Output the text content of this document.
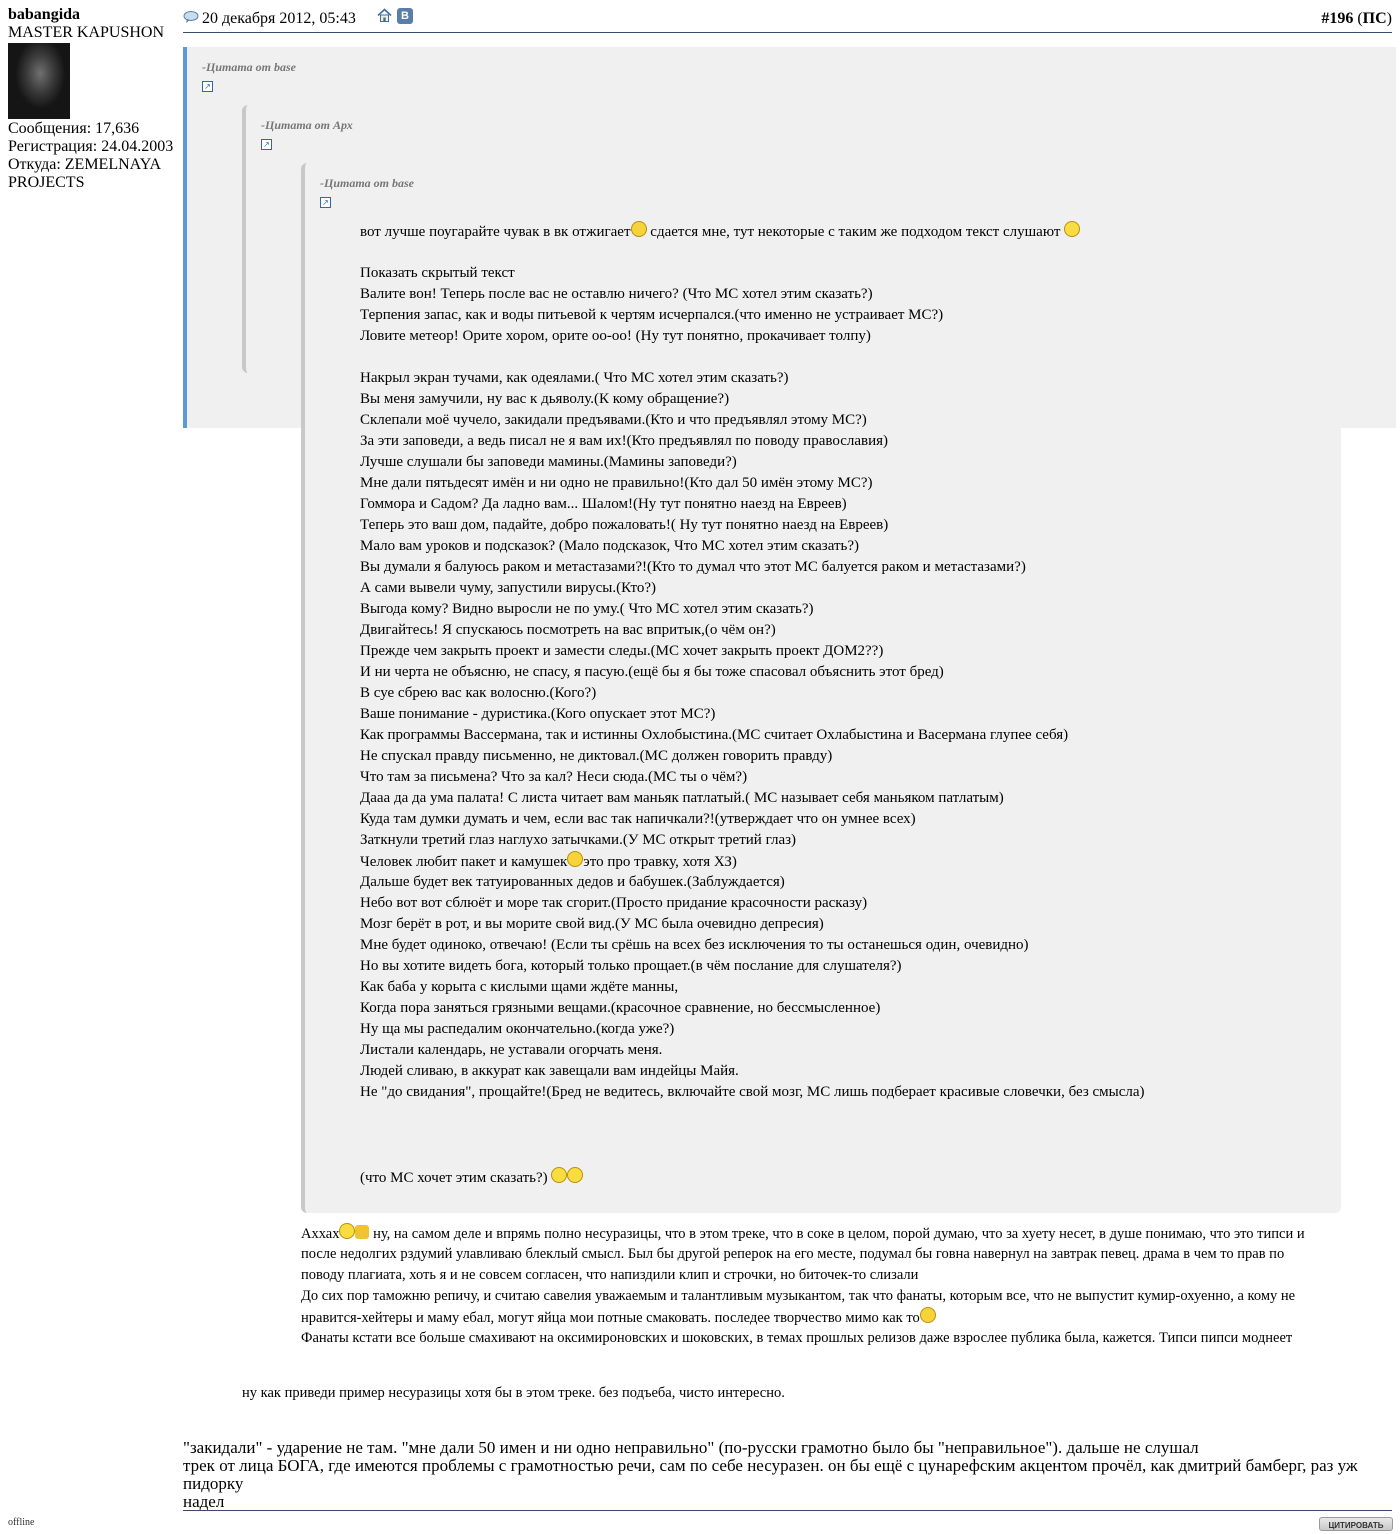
babangida
MASTER KAPUSHON
Сообщения: 17,636
Регистрация: 24.04.2003
Откуда: ZEMELNAYA
PROJECTS
offline
20 декабря 2012, 05:43	В	#196 (ПС)
-Цитата от base
↗
-Цитата от Арх
↗
-Цитата от base
↗
вот лучше поугарайте чувак в вк отжигает сдается мне, тут некоторые с таким же подходом текст слушают
Показать скрытый текст
Валите вон! Теперь после вас не оставлю ничего? (Что МС хотел этим сказать?)
Терпения запас, как и воды питьевой к чертям исчерпался.(что именно не устраивает МС?)
Ловите метеор! Орите хором, орите оо-оо! (Ну тут понятно, прокачивает толпу)
Накрыл экран тучами, как одеялами.( Что МС хотел этим сказать?)
Вы меня замучили, ну вас к дьяволу.(К кому обращение?)
Склепали моё чучело, закидали предъявами.(Кто и что предъявлял этому МС?)
За эти заповеди, а ведь писал не я вам их!(Кто предъявлял по поводу православия)
Лучше слушали бы заповеди мамины.(Мамины заповеди?)
Мне дали пятьдесят имён и ни одно не правильно!(Кто дал 50 имён этому МС?)
Гоммора и Садом? Да ладно вам... Шалом!(Ну тут понятно наезд на Евреев)
Теперь это ваш дом, падайте, добро пожаловать!( Ну тут понятно наезд на Евреев)
Мало вам уроков и подсказок? (Мало подсказок, Что МС хотел этим сказать?)
Вы думали я балуюсь раком и метастазами?!(Кто то думал что этот МС балуется раком и метастазами?)
А сами вывели чуму, запустили вирусы.(Кто?)
Выгода кому? Видно выросли не по уму.( Что МС хотел этим сказать?)
Двигайтесь! Я спускаюсь посмотреть на вас впритык,(о чём он?)
Прежде чем закрыть проект и замести следы.(МС хочет закрыть проект ДОМ2??)
И ни черта не объясню, не спасу, я пасую.(ещё бы я бы тоже спасовал объяснить этот бред)
В суе сбрею вас как волосню.(Кого?)
Ваше понимание - дуристика.(Кого опускает этот МС?)
Как программы Вассермана, так и истинны Охлобыстина.(МС считает Охлабыстина и Васермана глупее себя)
Не спускал правду письменно, не диктовал.(МС должен говорить правду)
Что там за письмена? Что за кал? Неси сюда.(МС ты о чём?)
Дааа да да ума палата! С листа читает вам маньяк патлатый.( МС называет себя маньяком патлатым)
Куда там думки думать и чем, если вас так напичкали?!(утверждает что он умнее всех)
Заткнули третий глаз наглухо затычками.(У МС открыт третий глаз)
Человек любит пакет и камушек это про травку, хотя ХЗ)
Дальше будет век татуированных дедов и бабушек.(Заблуждается)
Небо вот вот сблюёт и море так сгорит.(Просто придание красочности расказу)
Мозг берёт в рот, и вы морите свой вид.(У МС была очевидно депресия)
Мне будет одиноко, отвечаю! (Если ты срёшь на всех без исключения то ты останешься один, очевидно)
Но вы хотите видеть бога, который только прощает.(в чём послание для слушателя?)
Как баба у корыта с кислыми щами ждёте манны,
Когда пора заняться грязными вещами.(красочное сравнение, но бессмысленное)
Ну ща мы распедалим окончательно.(когда уже?)
Листали календарь, не уставали огорчать меня.
Людей сливаю, в аккурат как завещали вам индейцы Майя.
Не "до свидания", прощайте!(Бред не ведитесь, включайте свой мозг, МС лишь подберает красивые словечки, без смысла)
(что МС хочет этим сказать?)
Аххах ну, на самом деле и впрямь полно несуразицы, что в этом треке, что в соке в целом, порой думаю, что за хуету несет, в душе понимаю, что это типси и
после недолгих рздумий улавливаю блеклый смысл. Был бы другой реперок на его месте, подумал бы говна навернул на завтрак певец. драма в чем то прав по
поводу плагиата, хоть я и не совсем согласен, что напиздили клип и строчки, но биточек-то слизали
До сих пор таможню репичу, и считаю савелия уважаемым и талантливым музыкантом, так что фанаты, которым все, что не выпустит кумир-охуенно, а кому не
нравится-хейтеры и маму ебал, могут яйца мои потные смаковать. последее творчество мимо как то
Фанаты кстати все больше смахивают на оксимироновских и шоковских, в темах прошлых релизов даже взрослее публика была, кажется. Типси пипси моднеет
ну как приведи пример несуразицы хотя бы в этом треке. без подъеба, чисто интересно.
"закидали" - ударение не там. "мне дали 50 имен и ни одно неправильно" (по-русски грамотно было бы "неправильное"). дальше не слушал
трек от лица БОГА, где имеются проблемы с грамотностью речи, сам по себе несуразен. он бы ещё с цунарефским акцентом прочёл, как дмитрий бамберг, раз уж пидорку
надел
ЦИТИРОВАТЬ
